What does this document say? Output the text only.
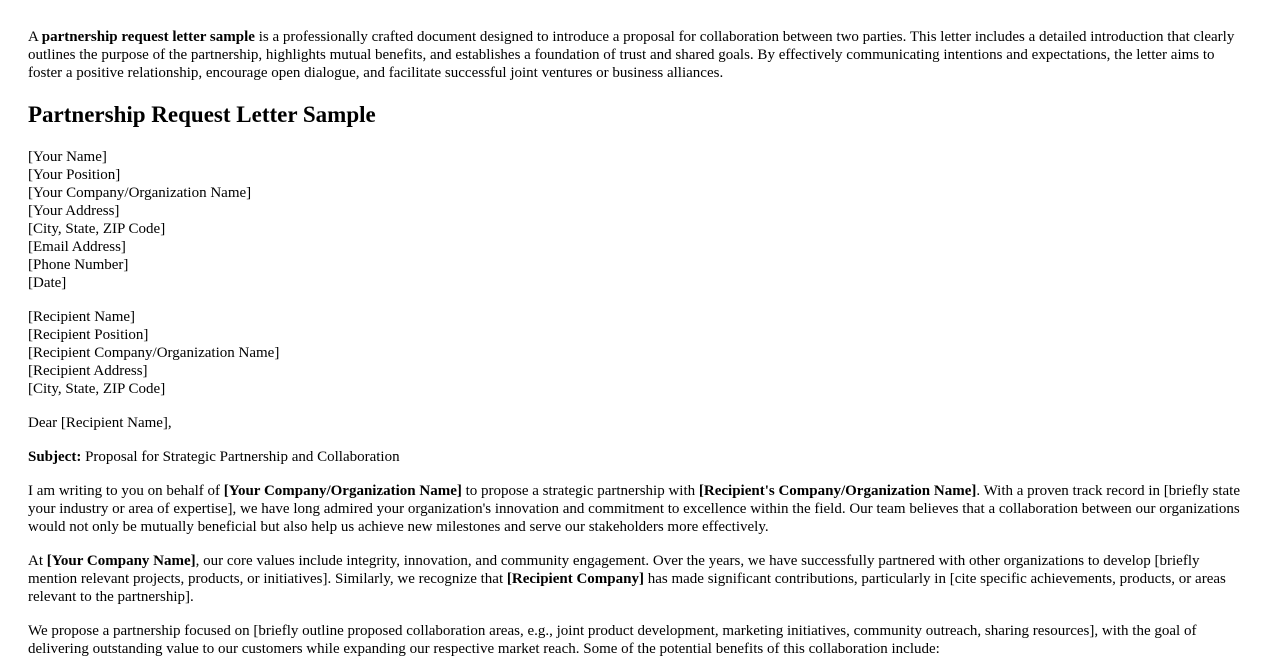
A partnership request letter sample is a professionally crafted document designed to introduce a proposal for collaboration between two parties. This letter includes a detailed introduction that clearly outlines the purpose of the partnership, highlights mutual benefits, and establishes a foundation of trust and shared goals. By effectively communicating intentions and expectations, the letter aims to foster a positive relationship, encourage open dialogue, and facilitate successful joint ventures or business alliances.

Partnership Request Letter Sample

[Your Name]
[Your Position]
[Your Company/Organization Name]
[Your Address]
[City, State, ZIP Code]
[Email Address]
[Phone Number]
[Date]

[Recipient Name]
[Recipient Position]
[Recipient Company/Organization Name]
[Recipient Address]
[City, State, ZIP Code]

Dear [Recipient Name],

Subject: Proposal for Strategic Partnership and Collaboration

I am writing to you on behalf of [Your Company/Organization Name] to propose a strategic partnership with [Recipient's Company/Organization Name]. With a proven track record in [briefly state your industry or area of expertise], we have long admired your organization's innovation and commitment to excellence within the field. Our team believes that a collaboration between our organizations would not only be mutually beneficial but also help us achieve new milestones and serve our stakeholders more effectively.

At [Your Company Name], our core values include integrity, innovation, and community engagement. Over the years, we have successfully partnered with other organizations to develop [briefly mention relevant projects, products, or initiatives]. Similarly, we recognize that [Recipient Company] has made significant contributions, particularly in [cite specific achievements, products, or areas relevant to the partnership].

We propose a partnership focused on [briefly outline proposed collaboration areas, e.g., joint product development, marketing initiatives, community outreach, sharing resources], with the goal of delivering outstanding value to our customers while expanding our respective market reach. Some of the potential benefits of this collaboration include:
